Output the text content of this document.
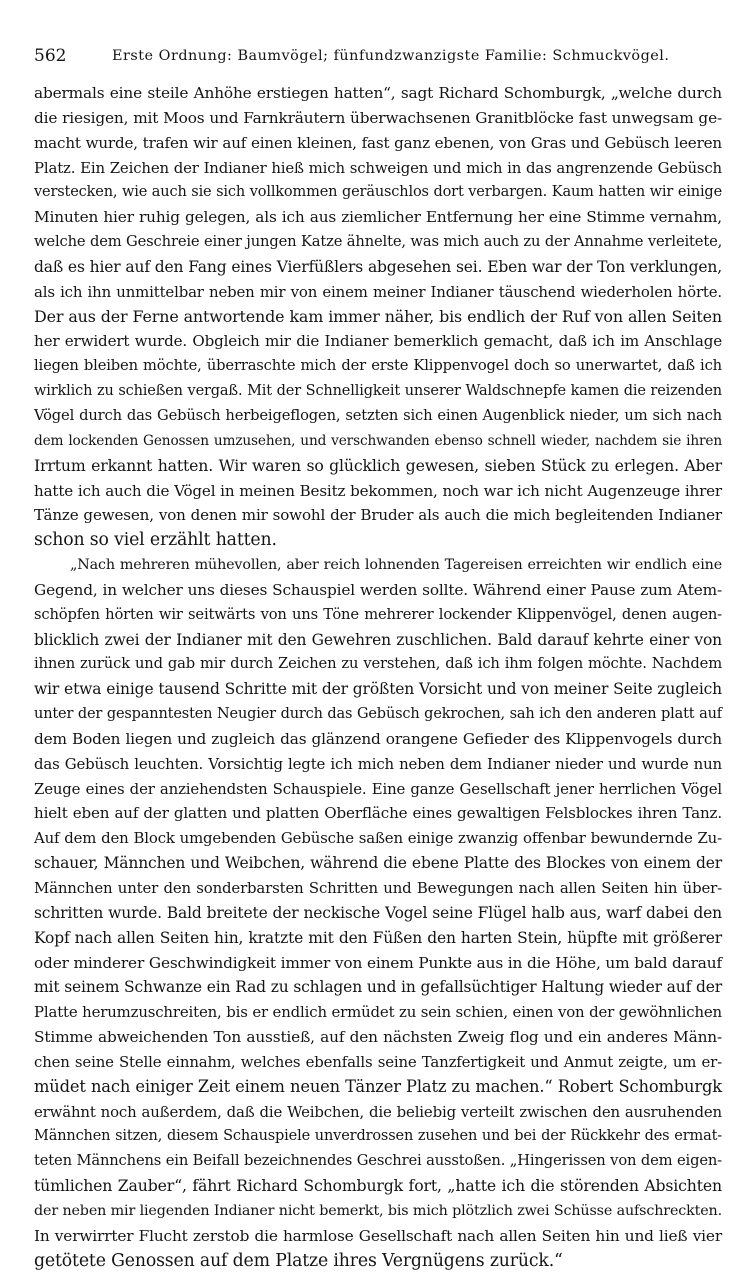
562	Erste Ordnung: Baumvögel; fünfundzwanzigste Familie: Schmuckvögel.
abermals eine steile Anhöhe erstiegen hatten“, sagt Richard Schomburgk, „welche durch
die riesigen, mit Moos und Farnkräutern überwachsenen Granitblöcke fast unwegsam ge-
macht wurde, trafen wir auf einen kleinen, fast ganz ebenen, von Gras und Gebüsch leeren
Platz. Ein Zeichen der Indianer hieß mich schweigen und mich in das angrenzende Gebüsch
verstecken, wie auch sie sich vollkommen geräuschlos dort verbargen. Kaum hatten wir einige
Minuten hier ruhig gelegen, als ich aus ziemlicher Entfernung her eine Stimme vernahm,
welche dem Geschreie einer jungen Katze ähnelte, was mich auch zu der Annahme verleitete,
daß es hier auf den Fang eines Vierfüßlers abgesehen sei. Eben war der Ton verklungen,
als ich ihn unmittelbar neben mir von einem meiner Indianer täuschend wiederholen hörte.
Der aus der Ferne antwortende kam immer näher, bis endlich der Ruf von allen Seiten
her erwidert wurde. Obgleich mir die Indianer bemerklich gemacht, daß ich im Anschlage
liegen bleiben möchte, überraschte mich der erste Klippenvogel doch so unerwartet, daß ich
wirklich zu schießen vergaß. Mit der Schnelligkeit unserer Waldschnepfe kamen die reizenden
Vögel durch das Gebüsch herbeigeflogen, setzten sich einen Augenblick nieder, um sich nach
dem lockenden Genossen umzusehen, und verschwanden ebenso schnell wieder, nachdem sie ihren
Irrtum erkannt hatten. Wir waren so glücklich gewesen, sieben Stück zu erlegen. Aber
hatte ich auch die Vögel in meinen Besitz bekommen, noch war ich nicht Augenzeuge ihrer
Tänze gewesen, von denen mir sowohl der Bruder als auch die mich begleitenden Indianer
schon so viel erzählt hatten.
„Nach mehreren mühevollen, aber reich lohnenden Tagereisen erreichten wir endlich eine
Gegend, in welcher uns dieses Schauspiel werden sollte. Während einer Pause zum Atem-
schöpfen hörten wir seitwärts von uns Töne mehrerer lockender Klippenvögel, denen augen-
blicklich zwei der Indianer mit den Gewehren zuschlichen. Bald darauf kehrte einer von
ihnen zurück und gab mir durch Zeichen zu verstehen, daß ich ihm folgen möchte. Nachdem
wir etwa einige tausend Schritte mit der größten Vorsicht und von meiner Seite zugleich
unter der gespanntesten Neugier durch das Gebüsch gekrochen, sah ich den anderen platt auf
dem Boden liegen und zugleich das glänzend orangene Gefieder des Klippenvogels durch
das Gebüsch leuchten. Vorsichtig legte ich mich neben dem Indianer nieder und wurde nun
Zeuge eines der anziehendsten Schauspiele. Eine ganze Gesellschaft jener herrlichen Vögel
hielt eben auf der glatten und platten Oberfläche eines gewaltigen Felsblockes ihren Tanz.
Auf dem den Block umgebenden Gebüsche saßen einige zwanzig offenbar bewundernde Zu-
schauer, Männchen und Weibchen, während die ebene Platte des Blockes von einem der
Männchen unter den sonderbarsten Schritten und Bewegungen nach allen Seiten hin über-
schritten wurde. Bald breitete der neckische Vogel seine Flügel halb aus, warf dabei den
Kopf nach allen Seiten hin, kratzte mit den Füßen den harten Stein, hüpfte mit größerer
oder minderer Geschwindigkeit immer von einem Punkte aus in die Höhe, um bald darauf
mit seinem Schwanze ein Rad zu schlagen und in gefallsüchtiger Haltung wieder auf der
Platte herumzuschreiten, bis er endlich ermüdet zu sein schien, einen von der gewöhnlichen
Stimme abweichenden Ton ausstieß, auf den nächsten Zweig flog und ein anderes Männ-
chen seine Stelle einnahm, welches ebenfalls seine Tanzfertigkeit und Anmut zeigte, um er-
müdet nach einiger Zeit einem neuen Tänzer Platz zu machen.“ Robert Schomburgk
erwähnt noch außerdem, daß die Weibchen, die beliebig verteilt zwischen den ausruhenden
Männchen sitzen, diesem Schauspiele unverdrossen zusehen und bei der Rückkehr des ermat-
teten Männchens ein Beifall bezeichnendes Geschrei ausstoßen. „Hingerissen von dem eigen-
tümlichen Zauber“, fährt Richard Schomburgk fort, „hatte ich die störenden Absichten
der neben mir liegenden Indianer nicht bemerkt, bis mich plötzlich zwei Schüsse aufschreckten.
In verwirrter Flucht zerstob die harmlose Gesellschaft nach allen Seiten hin und ließ vier
getötete Genossen auf dem Platze ihres Vergnügens zurück.“
